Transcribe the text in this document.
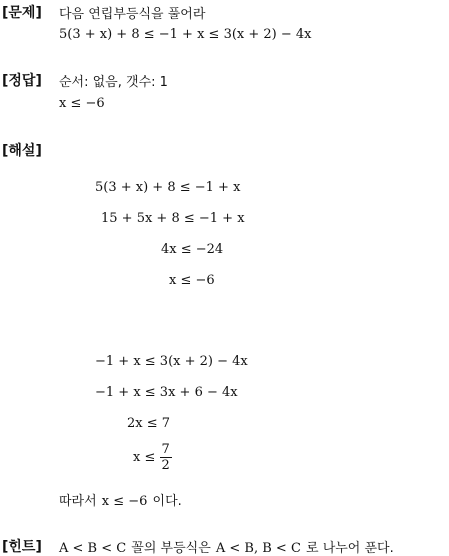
[문제] 다음 연립부등식을 풀어라
5(3 + x) + 8 ≤ −1 + x ≤ 3(x + 2) − 4x
[정답] 순서: 없음, 갯수: 1
x ≤ −6
[해설]
5(3 + x) + 8 ≤ −1 + x
15 + 5x + 8 ≤ −1 + x
4x ≤ −24
x ≤ −6
−1 + x ≤ 3(x + 2) − 4x
−1 + x ≤ 3x + 6 − 4x
2x ≤ 7
$x \le \frac{7}{2}$
따라서 x ≤ −6 이다.
[힌트] A < B < C 꼴의 부등식은 A < B, B < C 로 나누어 푼다.
